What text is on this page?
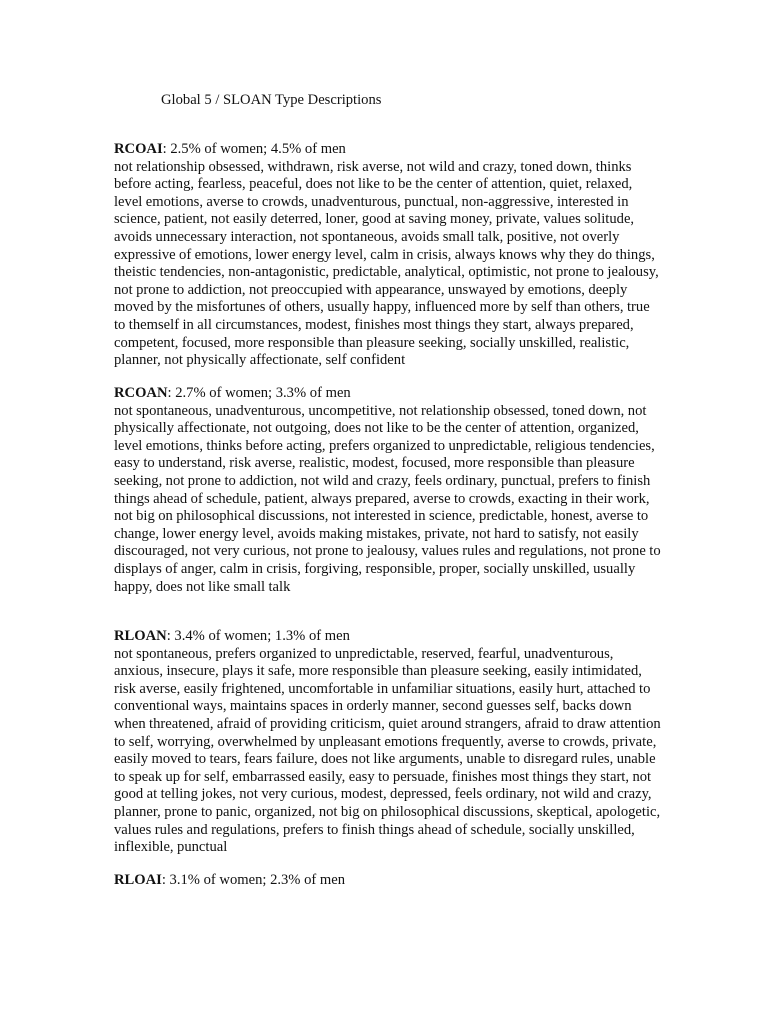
Global 5 / SLOAN Type Descriptions

RCOAI: 2.5% of women; 4.5% of men

not relationship obsessed, withdrawn, risk averse, not wild and crazy, toned down, thinks before acting, fearless, peaceful, does not like to be the center of attention, quiet, relaxed, level emotions, averse to crowds, unadventurous, punctual, non-aggressive, interested in science, patient, not easily deterred, loner, good at saving money, private, values solitude, avoids unnecessary interaction, not spontaneous, avoids small talk, positive, not overly expressive of emotions, lower energy level, calm in crisis, always knows why they do things, theistic tendencies, non-antagonistic, predictable, analytical, optimistic, not prone to jealousy, not prone to addiction, not preoccupied with appearance, unswayed by emotions, deeply moved by the misfortunes of others, usually happy, influenced more by self than others, true to themself in all circumstances, modest, finishes most things they start, always prepared, competent, focused, more responsible than pleasure seeking, socially unskilled, realistic, planner, not physically affectionate, self confident

RCOAN: 2.7% of women; 3.3% of men

not spontaneous, unadventurous, uncompetitive, not relationship obsessed, toned down, not physically affectionate, not outgoing, does not like to be the center of attention, organized, level emotions, thinks before acting, prefers organized to unpredictable, religious tendencies, easy to understand, risk averse, realistic, modest, focused, more responsible than pleasure seeking, not prone to addiction, not wild and crazy, feels ordinary, punctual, prefers to finish things ahead of schedule, patient, always prepared, averse to crowds, exacting in their work, not big on philosophical discussions, not interested in science, predictable, honest, averse to change, lower energy level, avoids making mistakes, private, not hard to satisfy, not easily discouraged, not very curious, not prone to jealousy, values rules and regulations, not prone to displays of anger, calm in crisis, forgiving, responsible, proper, socially unskilled, usually happy, does not like small talk

RLOAN: 3.4% of women; 1.3% of men

not spontaneous, prefers organized to unpredictable, reserved, fearful, unadventurous, anxious, insecure, plays it safe, more responsible than pleasure seeking, easily intimidated, risk averse, easily frightened, uncomfortable in unfamiliar situations, easily hurt, attached to conventional ways, maintains spaces in orderly manner, second guesses self, backs down when threatened, afraid of providing criticism, quiet around strangers, afraid to draw attention to self, worrying, overwhelmed by unpleasant emotions frequently, averse to crowds, private, easily moved to tears, fears failure, does not like arguments, unable to disregard rules, unable to speak up for self, embarrassed easily, easy to persuade, finishes most things they start, not good at telling jokes, not very curious, modest, depressed, feels ordinary, not wild and crazy, planner, prone to panic, organized, not big on philosophical discussions, skeptical, apologetic, values rules and regulations, prefers to finish things ahead of schedule, socially unskilled, inflexible, punctual

RLOAI: 3.1% of women; 2.3% of men
